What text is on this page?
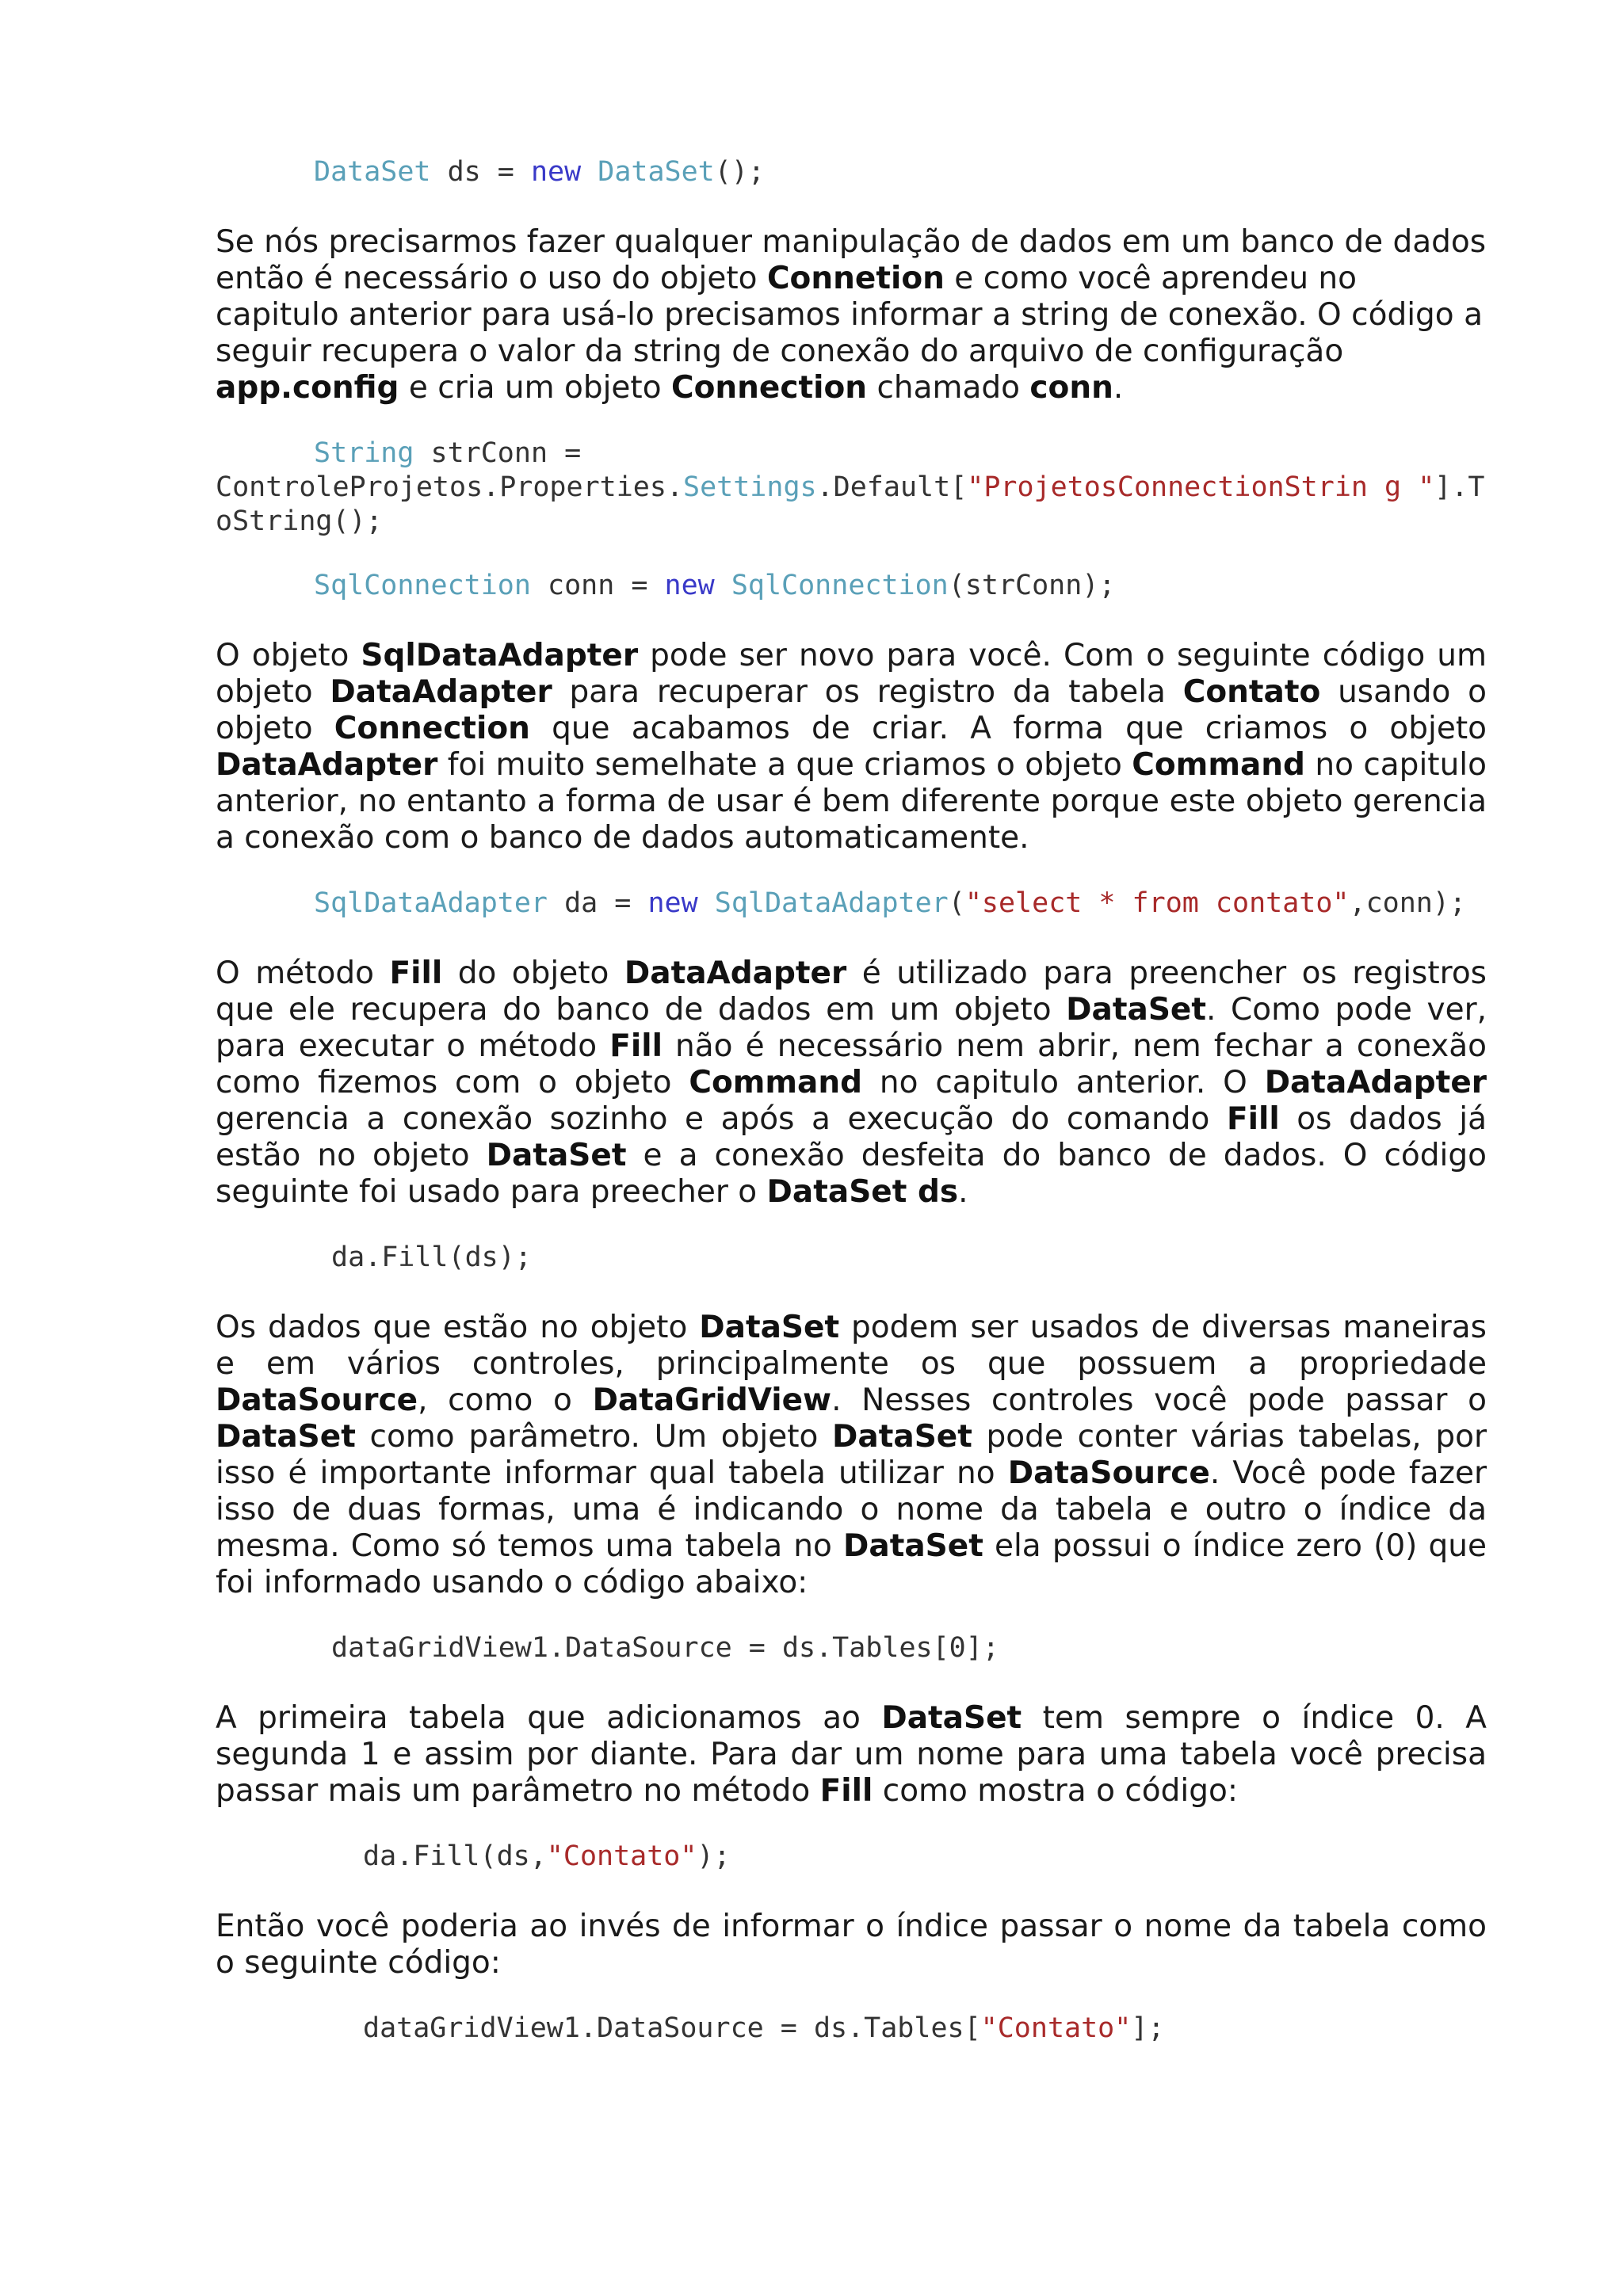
DataSet ds = new DataSet();

Se nós precisarmos fazer qualquer manipulação de dados em um banco de dados então é necessário o uso do objeto Connetion e como você aprendeu no capitulo anterior para usá-lo precisamos informar a string de conexão. O código a seguir recupera o valor da string de conexão do arquivo de configuração app.config e cria um objeto Connection chamado conn.

String strConn =
ControleProjetos.Properties.Settings.Default["ProjetosConnectionStrin g "].ToString();
SqlConnection conn = new SqlConnection(strConn);

O objeto SqlDataAdapter pode ser novo para você. Com o seguinte código um objeto DataAdapter para recuperar os registro da tabela Contato usando o objeto Connection que acabamos de criar. A forma que criamos o objeto DataAdapter foi muito semelhate a que criamos o objeto Command no capitulo anterior, no entanto a forma de usar é bem diferente porque este objeto gerencia a conexão com o banco de dados automaticamente.

SqlDataAdapter da = new SqlDataAdapter("select * from contato",conn);

O método Fill do objeto DataAdapter é utilizado para preencher os registros que ele recupera do banco de dados em um objeto DataSet. Como pode ver, para executar o método Fill não é necessário nem abrir, nem fechar a conexão como fizemos com o objeto Command no capitulo anterior. O DataAdapter gerencia a conexão sozinho e após a execução do comando Fill os dados já estão no objeto DataSet e a conexão desfeita do banco de dados. O código seguinte foi usado para preecher o DataSet ds.

da.Fill(ds);

Os dados que estão no objeto DataSet podem ser usados de diversas maneiras e em vários controles, principalmente os que possuem a propriedade DataSource, como o DataGridView. Nesses controles você pode passar o DataSet como parâmetro. Um objeto DataSet pode conter várias tabelas, por isso é importante informar qual tabela utilizar no DataSource. Você pode fazer isso de duas formas, uma é indicando o nome da tabela e outro o índice da mesma. Como só temos uma tabela no DataSet ela possui o índice zero (0) que foi informado usando o código abaixo:

dataGridView1.DataSource = ds.Tables[0];

A primeira tabela que adicionamos ao DataSet tem sempre o índice 0. A segunda 1 e assim por diante. Para dar um nome para uma tabela você precisa passar mais um parâmetro no método Fill como mostra o código:

da.Fill(ds,"Contato");

Então você poderia ao invés de informar o índice passar o nome da tabela como o seguinte código:

dataGridView1.DataSource = ds.Tables["Contato"];
